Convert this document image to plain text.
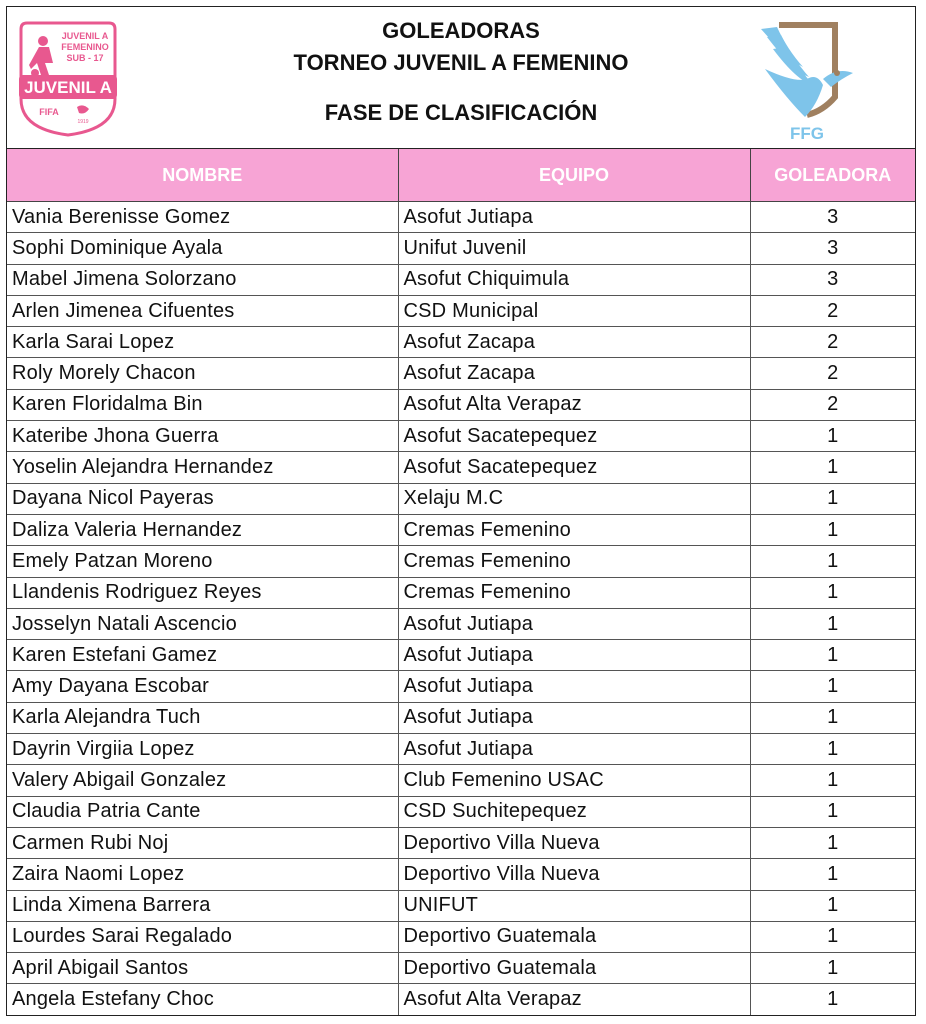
JUVENIL A
FEMENINO
SUB - 17
JUVENIL A
FIFA
1919
GOLEADORAS
TORNEO JUVENIL A FEMENINO
FASE DE CLASIFICACIÓN
FFG
NOMBRE	EQUIPO	GOLEADORA
Vania Berenisse Gomez	Asofut Jutiapa	3
Sophi Dominique Ayala	Unifut Juvenil	3
Mabel Jimena Solorzano	Asofut Chiquimula	3
Arlen Jimenea Cifuentes	CSD Municipal	2
Karla Sarai Lopez	Asofut Zacapa	2
Roly Morely Chacon	Asofut Zacapa	2
Karen Floridalma Bin	Asofut Alta Verapaz	2
Kateribe Jhona Guerra	Asofut Sacatepequez	1
Yoselin Alejandra Hernandez	Asofut Sacatepequez	1
Dayana Nicol Payeras	Xelaju M.C	1
Daliza Valeria Hernandez	Cremas Femenino	1
Emely Patzan Moreno	Cremas Femenino	1
Llandenis Rodriguez Reyes	Cremas Femenino	1
Josselyn Natali Ascencio	Asofut Jutiapa	1
Karen Estefani Gamez	Asofut Jutiapa	1
Amy Dayana Escobar	Asofut Jutiapa	1
Karla Alejandra Tuch	Asofut Jutiapa	1
Dayrin Virgiia Lopez	Asofut Jutiapa	1
Valery Abigail Gonzalez	Club Femenino USAC	1
Claudia Patria Cante	CSD Suchitepequez	1
Carmen Rubi Noj	Deportivo Villa Nueva	1
Zaira Naomi Lopez	Deportivo Villa Nueva	1
Linda Ximena Barrera	UNIFUT	1
Lourdes Sarai Regalado	Deportivo Guatemala	1
April Abigail Santos	Deportivo Guatemala	1
Angela Estefany Choc	Asofut Alta Verapaz	1
